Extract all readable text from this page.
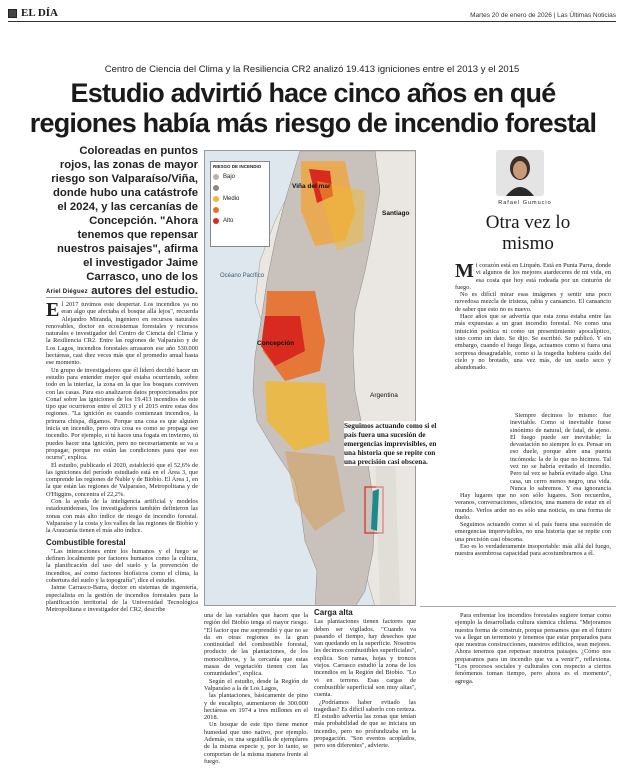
EL DÍA	Martes 20 de enero de 2026 | Las Últimas Noticias
Centro de Ciencia del Clima y la Resiliencia CR2 analizó 19.413 igniciones entre el 2013 y el 2015
Estudio advirtió hace cinco años en qué regiones había más riesgo de incendio forestal
Coloreadas en puntos rojos, las zonas de mayor riesgo son Valparaíso/Viña, donde hubo una catástrofe el 2024, y las cercanías de Concepción. "Ahora tenemos que repensar nuestros paisajes", afirma el investigador Jaime Carrasco, uno de los autores del estudio.
Ariel Diéguez
E l 2017 tuvimos este despertar. Los incendios ya no eran algo que afectaba el bosque allá lejos", recuerda Alejandro Miranda, ingeniero en recursos naturales renovables, doctor en ecosistemas forestales y recursos naturales e investigador del Centro de Ciencia del Clima y la Resiliencia CR2. Entre las regiones de Valparaíso y de Los Lagos, incendios forestales arrasaron ese año 530.000 hectáreas, casi diez veces más que el promedio anual hasta ese momento.

Un grupo de investigadores que él lideró decidió hacer un estudio para entender mejor qué estaba ocurriendo, sobre todo en la interfaz, la zona en la que los bosques conviven con las casas. Para eso analizaron datos proporcionados por Conaf sobre las igniciones de los 19.413 incendios de este tipo que ocurrieron entre el 2013 y el 2015 entre estas dos regiones. "La ignición es cuando comienzan incendios, la primera chispa, digamos. Porque una cosa es que alguien inicia un incendio, pero otra cosa es como se propaga ese incendio. Por ejemplo, si tú haces una fogata en invierno, tú puedes hacer una ignición, pero no necesariamente se va a propagar, porque no están las condiciones para que eso ocurra", explica.

El estudio, publicado el 2020, estableció que el 52,6% de las igniciones del período estudiado está en el Área 3, que comprende las regiones de Ñuble y de Biobío. El Área 1, en la que están las regiones de Valparaíso, Metropolitana y de O'Higgins, concentra el 22,2%.

Con la ayuda de la inteligencia artificial y modelos estadounidenses, los investigadores también definieron las zonas con más alto índice de riesgo de incendio forestal. Valparaíso y la costa y los valles de las regiones de Biobío y la Araucanía tienen el más alto índice.

Combustible forestal

"Las interacciones entre los humanos y el fuego se definen localmente por factores humanos como la cultura, la planificación del uso del suelo y la prevención de incendios, así como factores biofísicos como el clima, la cobertura del suelo y la topografía", dice el estudio.

Jaime Carrasco-Barra, doctor en sistemas de ingeniería, especialista en la gestión de incendios forestales para la planificación territorial de la Universidad Tecnológica Metropolitana e investigador del CR2, describe

RIESGO DE INCENDIO
Bajo
Medio
Alto
Viña del mar
Santiago
Océano Pacífico
Concepción
Argentina
Seguimos actuando como si el país fuera una sucesión de emergencias imprevisibles, en una historia que se repite con una precisión casi obscena.

una de las variables que hacen que la región del Biobío tenga el mayor riesgo. "El factor que me sorprendió y que no se da en otras regiones es la gran continuidad del combustible forestal, producto de las plantaciones, de los monocultivos, y la cercanía que estas masas de vegetación tienen con las comunidades", explica.

Según el estudio, desde la Región de Valparaíso a la de Los Lagos,

las plantaciones, básicamente de pino y de eucalipto, aumentaron de 300.000 hectáreas en 1974 a tres millones en el 2018.

Un bosque de este tipo tiene menor humedad que uno nativo, por ejemplo. Además, es una seguidilla de ejemplares de la misma especie y, por lo tanto, se comportan de la misma manera frente al fuego.

Carga alta

Las plantaciones tienen factores que deben ser vigilados. "Cuando va pasando el tiempo, hay desechos que van quedando en la superficie. Nosotros les decimos combustibles superficiales", explica. Son ramas, hojas y troncos viejos. Carrasco estudió la zona de los incendios en la Región del Biobío. "Lo vi en terreno. Esas cargas de combustible superficial son muy altas", cuenta.

¿Podríamos haber evitado las tragedias? Es difícil saberlo con certeza. El estudio advertía las zonas que tenían más probabilidad de que se iniciara un incendio, pero no profundizaba en la propagación. "Son eventos acoplados, pero son diferentes", advierte.

Rafael Gumucio
Otra vez lo mismo
M i corazón está en Lirquén. Está en Punta Parra, donde vi algunos de los mejores atardeceres de mi vida, en esa costa que hoy está rodeada por un cinturón de fuego.

No es difícil mirar esas imágenes y sentir una poco novedosa mezcla de tristeza, rabia y cansancio. El cansancio de saber que esto no es nuevo.

Hace años que se advertía que esta zona estaba entre las más expuestas a un gran incendio forestal. No como una intuición poética ni como un presentimiento apocalíptico, sino como un dato. Se dijo. Se escribió. Se publicó. Y sin embargo, cuando el fuego llega, actuamos como si fuera una sorpresa desagradable, como si la tragedia hubiera caído del cielo y no brotado, una vez más, de un suelo seco y abandonado.

Siempre decimos lo mismo: fue inevitable. Como si inevitable fuese sinónimo de natural, de fatal, de ajeno. El fuego puede ser inevitable; la devastación no siempre lo es. Pensar en eso duele, porque abre una puerta incómoda: la de lo que no hicimos. Tal vez no se habría evitado el incendio. Pero tal vez se habría evitado algo. Una casa, un cerro menos negro, una vida. Nunca lo sabremos. Y esa ignorancia

Hay lugares que no son sólo lugares. Son recuerdos, veranos, conversaciones, silencios, una manera de estar en el mundo. Verlos arder no es sólo una noticia, es una forma de duelo.

Seguimos actuando como si el país fuera una sucesión de emergencias imprevisibles, no una historia que se repite con una precisión casi obscena.

Eso es lo verdaderamente insoportable: más allá del fuego, nuestra asombrosa capacidad para acostumbrarnos a él.

Para enfrentar los incendios forestales sugiere tomar como ejemplo la desarrollada cultura sísmica chilena. "Mejoramos nuestra forma de construir, porque pensamos que en el futuro va a llegar un terremoto y tenemos que estar preparados para que nuestras construcciones, nuestros edificios, sean mejores. Ahora tenemos que repensar nuestros paisajes. ¿Cómo nos preparamos para un incendio que va a venir?", reflexiona. "Los procesos sociales y culturales con respecto a ciertos fenómenos toman tiempo, pero ahora es el momento", agrega.
